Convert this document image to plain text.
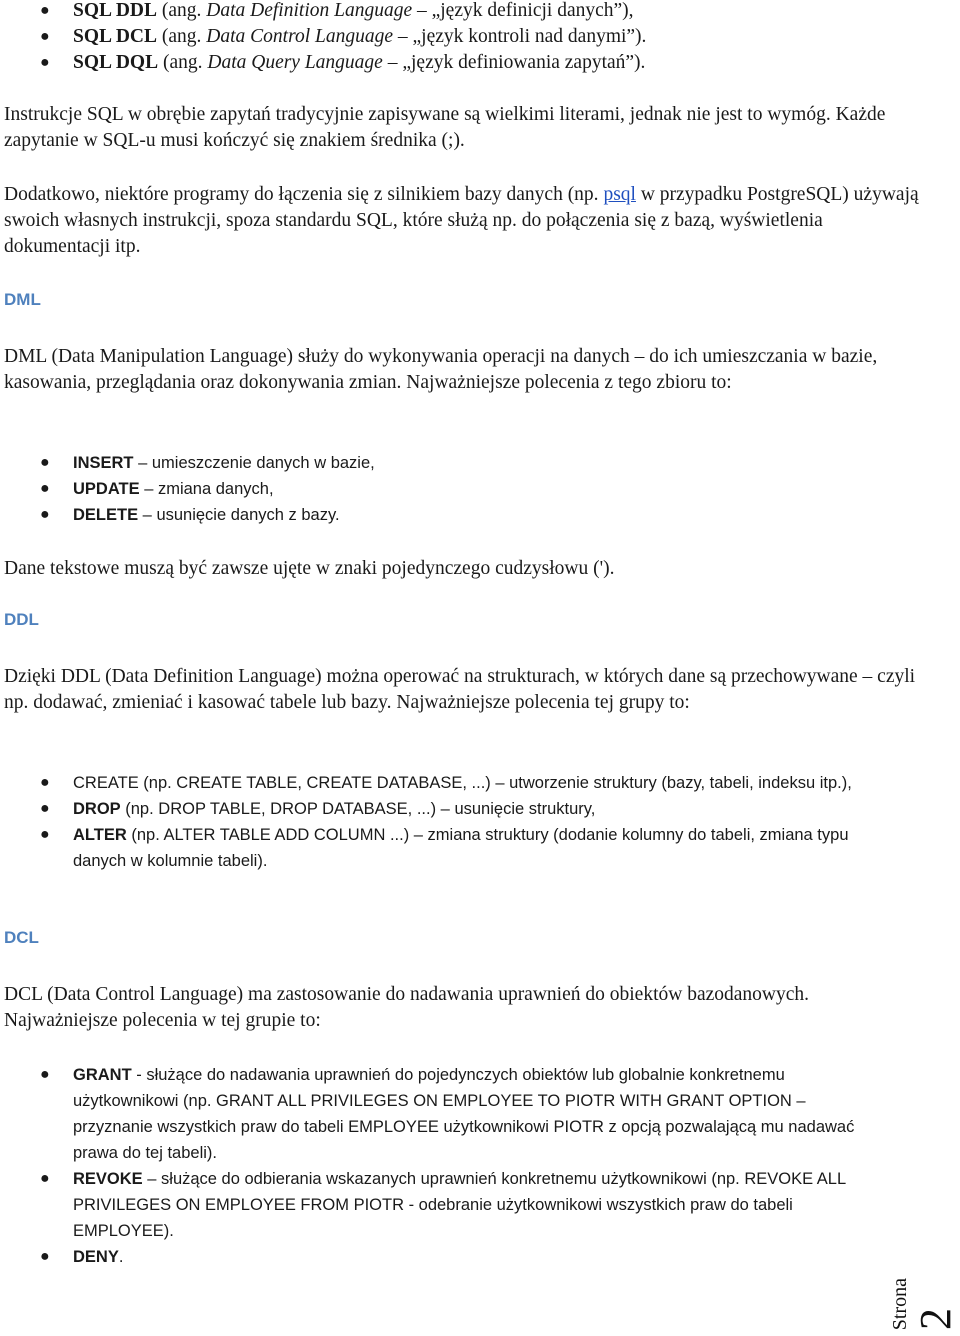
● SQL DDL (ang. Data Definition Language – „język definicji danych”),
● SQL DCL (ang. Data Control Language – „język kontroli nad danymi”).
● SQL DQL (ang. Data Query Language – „język definiowania zapytań”).

Instrukcje SQL w obrębie zapytań tradycyjnie zapisywane są wielkimi literami, jednak nie jest to wymóg. Każde zapytanie w SQL-u musi kończyć się znakiem średnika (;).

Dodatkowo, niektóre programy do łączenia się z silnikiem bazy danych (np. psql w przypadku PostgreSQL) używają swoich własnych instrukcji, spoza standardu SQL, które służą np. do połączenia się z bazą, wyświetlenia dokumentacji itp.

DML

DML (Data Manipulation Language) służy do wykonywania operacji na danych – do ich umieszczania w bazie, kasowania, przeglądania oraz dokonywania zmian. Najważniejsze polecenia z tego zbioru to:

● INSERT – umieszczenie danych w bazie,
● UPDATE – zmiana danych,
● DELETE – usunięcie danych z bazy.

Dane tekstowe muszą być zawsze ujęte w znaki pojedynczego cudzysłowu (').

DDL

Dzięki DDL (Data Definition Language) można operować na strukturach, w których dane są przechowywane – czyli np. dodawać, zmieniać i kasować tabele lub bazy. Najważniejsze polecenia tej grupy to:

● CREATE (np. CREATE TABLE, CREATE DATABASE, ...) – utworzenie struktury (bazy, tabeli, indeksu itp.),
● DROP (np. DROP TABLE, DROP DATABASE, ...) – usunięcie struktury,
● ALTER (np. ALTER TABLE ADD COLUMN ...) – zmiana struktury (dodanie kolumny do tabeli, zmiana typu danych w kolumnie tabeli).
DCL

DCL (Data Control Language) ma zastosowanie do nadawania uprawnień do obiektów bazodanowych. Najważniejsze polecenia w tej grupie to:

● GRANT - służące do nadawania uprawnień do pojedynczych obiektów lub globalnie konkretnemu użytkownikowi (np. GRANT ALL PRIVILEGES ON EMPLOYEE TO PIOTR WITH GRANT OPTION – przyznanie wszystkich praw do tabeli EMPLOYEE użytkownikowi PIOTR z opcją pozwalającą mu nadawać prawa do tej tabeli).
● REVOKE – służące do odbierania wskazanych uprawnień konkretnemu użytkownikowi (np. REVOKE ALL PRIVILEGES ON EMPLOYEE FROM PIOTR - odebranie użytkownikowi wszystkich praw do tabeli EMPLOYEE).
● DENY.
Strona 2
